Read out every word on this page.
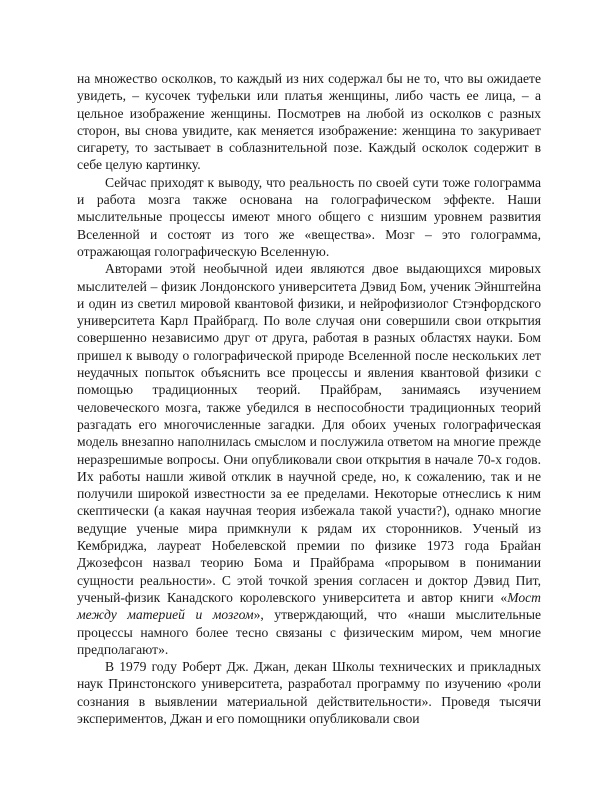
на множество осколков, то каждый из них содержал бы не то, что вы ожидаете увидеть, – кусочек туфельки или платья женщины, либо часть ее лица, – а цельное изображение женщины. Посмотрев на любой из осколков с разных сторон, вы снова увидите, как меняется изображение: женщина то закуривает сигарету, то застывает в соблазнительной позе. Каждый осколок содержит в себе целую картинку.

Сейчас приходят к выводу, что реальность по своей сути тоже голограмма и работа мозга также основана на голографическом эффекте. Наши мыслительные процессы имеют много общего с низшим уровнем развития Вселенной и состоят из того же «вещества». Мозг – это голограмма, отражающая голографическую Вселенную.

Авторами этой необычной идеи являются двое выдающихся мировых мыслителей – физик Лондонского университета Дэвид Бом, ученик Эйнштейна и один из светил мировой квантовой физики, и нейрофизиолог Стэнфордского университета Карл Прайбрагд. По воле случая они совершили свои открытия совершенно независимо друг от друга, работая в разных областях науки. Бом пришел к выводу о голографической природе Вселенной после нескольких лет неудачных попыток объяснить все процессы и явления квантовой физики с помощью традиционных теорий. Прайбрам, занимаясь изучением человеческого мозга, также убедился в неспособности традиционных теорий разгадать его многочисленные загадки. Для обоих ученых голографическая модель внезапно наполнилась смыслом и послужила ответом на многие прежде неразрешимые вопросы. Они опубликовали свои открытия в начале 70-х годов. Их работы нашли живой отклик в научной среде, но, к сожалению, так и не получили широкой известности за ее пределами. Некоторые отнеслись к ним скептически (а какая научная теория избежала такой участи?), однако многие ведущие ученые мира примкнули к рядам их сторонников. Ученый из Кембриджа, лауреат Нобелевской премии по физике 1973 года Брайан Джозефсон назвал теорию Бома и Прайбрама «прорывом в понимании сущности реальности». С этой точкой зрения согласен и доктор Дэвид Пит, ученый-физик Канадского королевского университета и автор книги «Мост между материей и мозгом», утверждающий, что «наши мыслительные процессы намного более тесно связаны с физическим миром, чем многие предполагают».

В 1979 году Роберт Дж. Джан, декан Школы технических и прикладных наук Принстонского университета, разработал программу по изучению «роли сознания в выявлении материальной действительности». Проведя тысячи экспериментов, Джан и его помощники опубликовали свои
